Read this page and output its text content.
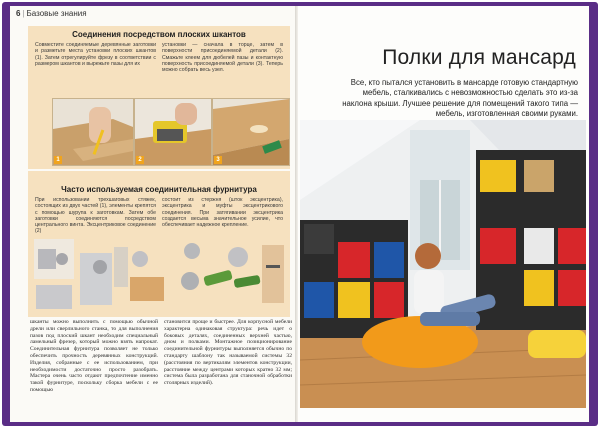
6 | Базовые знания
Соединения посредством плоских шкантов
Совместите соединяемые деревянные заготовки и разметьте места установки плоских шкантов (1). Затем отрегулируйте фрезу в соответствии с размером шкантов и вырежьте пазы для их
установки — сначала в торце, затем в поверхности присоединяемой детали (2). Смажьте клеем для дюбелей пазы и контактную поверхность присоединяемой детали (3). Теперь можно собрать весь узел.
1	2	3
Часто используемая соединительная фурнитура
При использовании трехшаговых стяжек, состоящих из двух частей (1), элементы крепятся с помощью шурупа к заготовкам. Затем обе заготовки соединяются посредством центрального винта. Эксцентриковое соединение (2)
состоит из стержня (шток эксцентрика), эксцентрика и муфты эксцентрикового соединения. При затягивании эксцентрика создается весьма значительное усилие, что обеспечивает надежное крепление.
шканты можно выполнить с помощью обычной дрели или сверлильного станка, то для выполнения пазов под плоский шкант необходим специальный ламельный фрезер, который можно взять напрокат. Соединительная фурнитура позволяет не только обеспечить прочность деревянных конструкций. Изделия, собранные с ее использованием, при необходимости достаточно просто разобрать. Мастера очень часто отдают предпочтение именно такой фурнитуре, поскольку сборка мебели с ее помощью
становится проще и быстрее. Для корпусной мебели характерна одинаковая структура: речь идет о боковых деталях, соединенных верхней частью, дном и полками. Монтажное позиционирование соединительной фурнитуры выполняется обычно по стандарту шаблону так называемой системы 32 (расстояния по вертикалям элементов конструкции, расстояние между центрами которых кратно 32 мм; система была разработана для станочной обработки столярных изделий).
Полки для мансард
Все, кто пытался установить в мансарде готовую стандартную мебель, сталкивались с невозможностью сделать это из-за наклона крыши. Лучшее решение для помещений такого типа — мебель, изготовленная своими руками.
